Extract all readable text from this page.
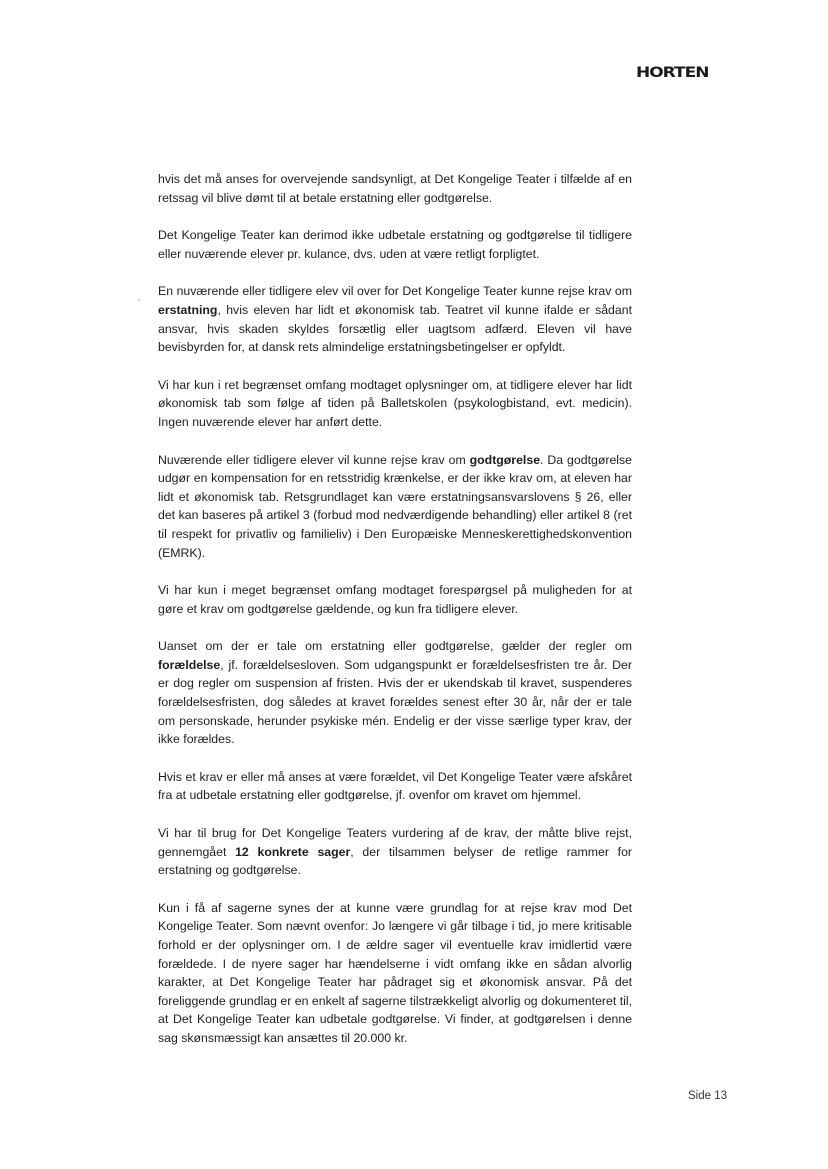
HORTEN

hvis det må anses for overvejende sandsynligt, at Det Kongelige Teater i tilfælde af en retssag vil blive dømt til at betale erstatning eller godtgørelse.

Det Kongelige Teater kan derimod ikke udbetale erstatning og godtgørelse til tidligere eller nuværende elever pr. kulance, dvs. uden at være retligt forpligtet.

En nuværende eller tidligere elev vil over for Det Kongelige Teater kunne rejse krav om erstatning, hvis eleven har lidt et økonomisk tab. Teatret vil kunne ifalde er sådant ansvar, hvis skaden skyldes forsætlig eller uagtsom adfærd. Eleven vil have bevisbyrden for, at dansk rets almindelige erstatningsbetingelser er opfyldt.

Vi har kun i ret begrænset omfang modtaget oplysninger om, at tidligere elever har lidt økonomisk tab som følge af tiden på Balletskolen (psykologbistand, evt. medicin). Ingen nuværende elever har anført dette.

Nuværende eller tidligere elever vil kunne rejse krav om godtgørelse. Da godtgørelse udgør en kompensation for en retsstridig krænkelse, er der ikke krav om, at eleven har lidt et økonomisk tab. Retsgrundlaget kan være erstatningsansvarslovens § 26, eller det kan baseres på artikel 3 (forbud mod nedværdigende behandling) eller artikel 8 (ret til respekt for privatliv og familieliv) i Den Europæiske Menneskerettighedskonvention (EMRK).

Vi har kun i meget begrænset omfang modtaget forespørgsel på muligheden for at gøre et krav om godtgørelse gældende, og kun fra tidligere elever.

Uanset om der er tale om erstatning eller godtgørelse, gælder der regler om forældelse, jf. forældelsesloven. Som udgangspunkt er forældelsesfristen tre år. Der er dog regler om suspension af fristen. Hvis der er ukendskab til kravet, suspenderes forældelsesfristen, dog således at kravet forældes senest efter 30 år, når der er tale om personskade, herunder psykiske mén. Endelig er der visse særlige typer krav, der ikke forældes.

Hvis et krav er eller må anses at være forældet, vil Det Kongelige Teater være afskåret fra at udbetale erstatning eller godtgørelse, jf. ovenfor om kravet om hjemmel.

Vi har til brug for Det Kongelige Teaters vurdering af de krav, der måtte blive rejst, gennemgået 12 konkrete sager, der tilsammen belyser de retlige rammer for erstatning og godtgørelse.

Kun i få af sagerne synes der at kunne være grundlag for at rejse krav mod Det Kongelige Teater. Som nævnt ovenfor: Jo længere vi går tilbage i tid, jo mere kritisable forhold er der oplysninger om. I de ældre sager vil eventuelle krav imidlertid være forældede. I de nyere sager har hændelserne i vidt omfang ikke en sådan alvorlig karakter, at Det Kongelige Teater har pådraget sig et økonomisk ansvar. På det foreliggende grundlag er en enkelt af sagerne tilstrækkeligt alvorlig og dokumenteret til, at Det Kongelige Teater kan udbetale godtgørelse. Vi finder, at godtgørelsen i denne sag skønsmæssigt kan ansættes til 20.000 kr.

Side 13
